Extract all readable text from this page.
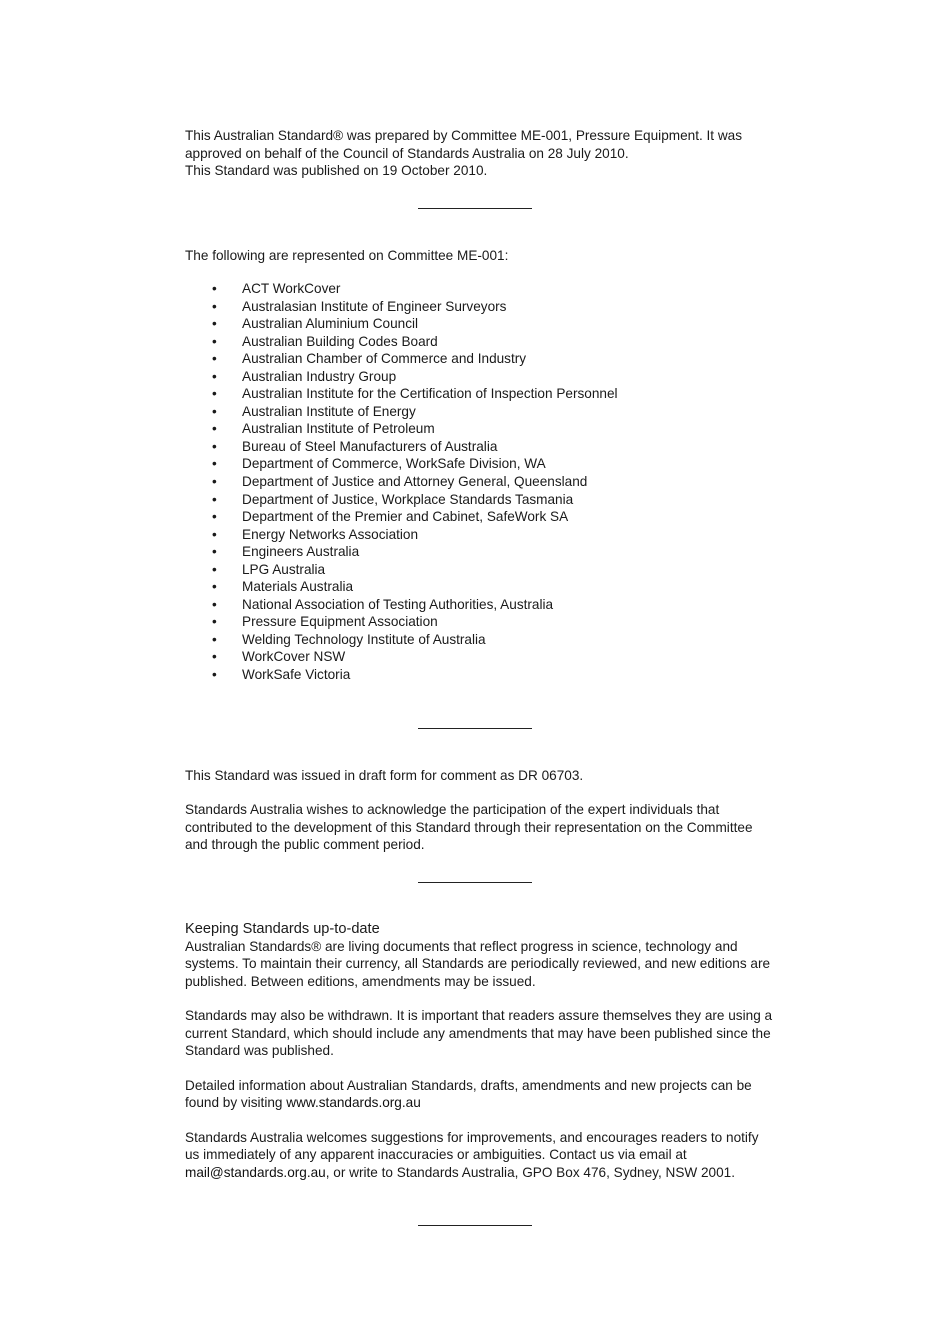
This Australian Standard® was prepared by Committee ME-001, Pressure Equipment. It was approved on behalf of the Council of Standards Australia on 28 July 2010.

This Standard was published on 19 October 2010.

The following are represented on Committee ME-001:

• ACT WorkCover
• Australasian Institute of Engineer Surveyors
• Australian Aluminium Council
• Australian Building Codes Board
• Australian Chamber of Commerce and Industry
• Australian Industry Group
• Australian Institute for the Certification of Inspection Personnel
• Australian Institute of Energy
• Australian Institute of Petroleum
• Bureau of Steel Manufacturers of Australia
• Department of Commerce, WorkSafe Division, WA
• Department of Justice and Attorney General, Queensland
• Department of Justice, Workplace Standards Tasmania
• Department of the Premier and Cabinet, SafeWork SA
• Energy Networks Association
• Engineers Australia
• LPG Australia
• Materials Australia
• National Association of Testing Authorities, Australia
• Pressure Equipment Association
• Welding Technology Institute of Australia
• WorkCover NSW
• WorkSafe Victoria

This Standard was issued in draft form for comment as DR 06703.

Standards Australia wishes to acknowledge the participation of the expert individuals that contributed to the development of this Standard through their representation on the Committee and through the public comment period.

Keeping Standards up-to-date

Australian Standards® are living documents that reflect progress in science, technology and systems. To maintain their currency, all Standards are periodically reviewed, and new editions are published. Between editions, amendments may be issued.

Standards may also be withdrawn. It is important that readers assure themselves they are using a current Standard, which should include any amendments that may have been published since the Standard was published.

Detailed information about Australian Standards, drafts, amendments and new projects can be found by visiting www.standards.org.au

Standards Australia welcomes suggestions for improvements, and encourages readers to notify us immediately of any apparent inaccuracies or ambiguities. Contact us via email at mail@standards.org.au, or write to Standards Australia, GPO Box 476, Sydney, NSW 2001.
